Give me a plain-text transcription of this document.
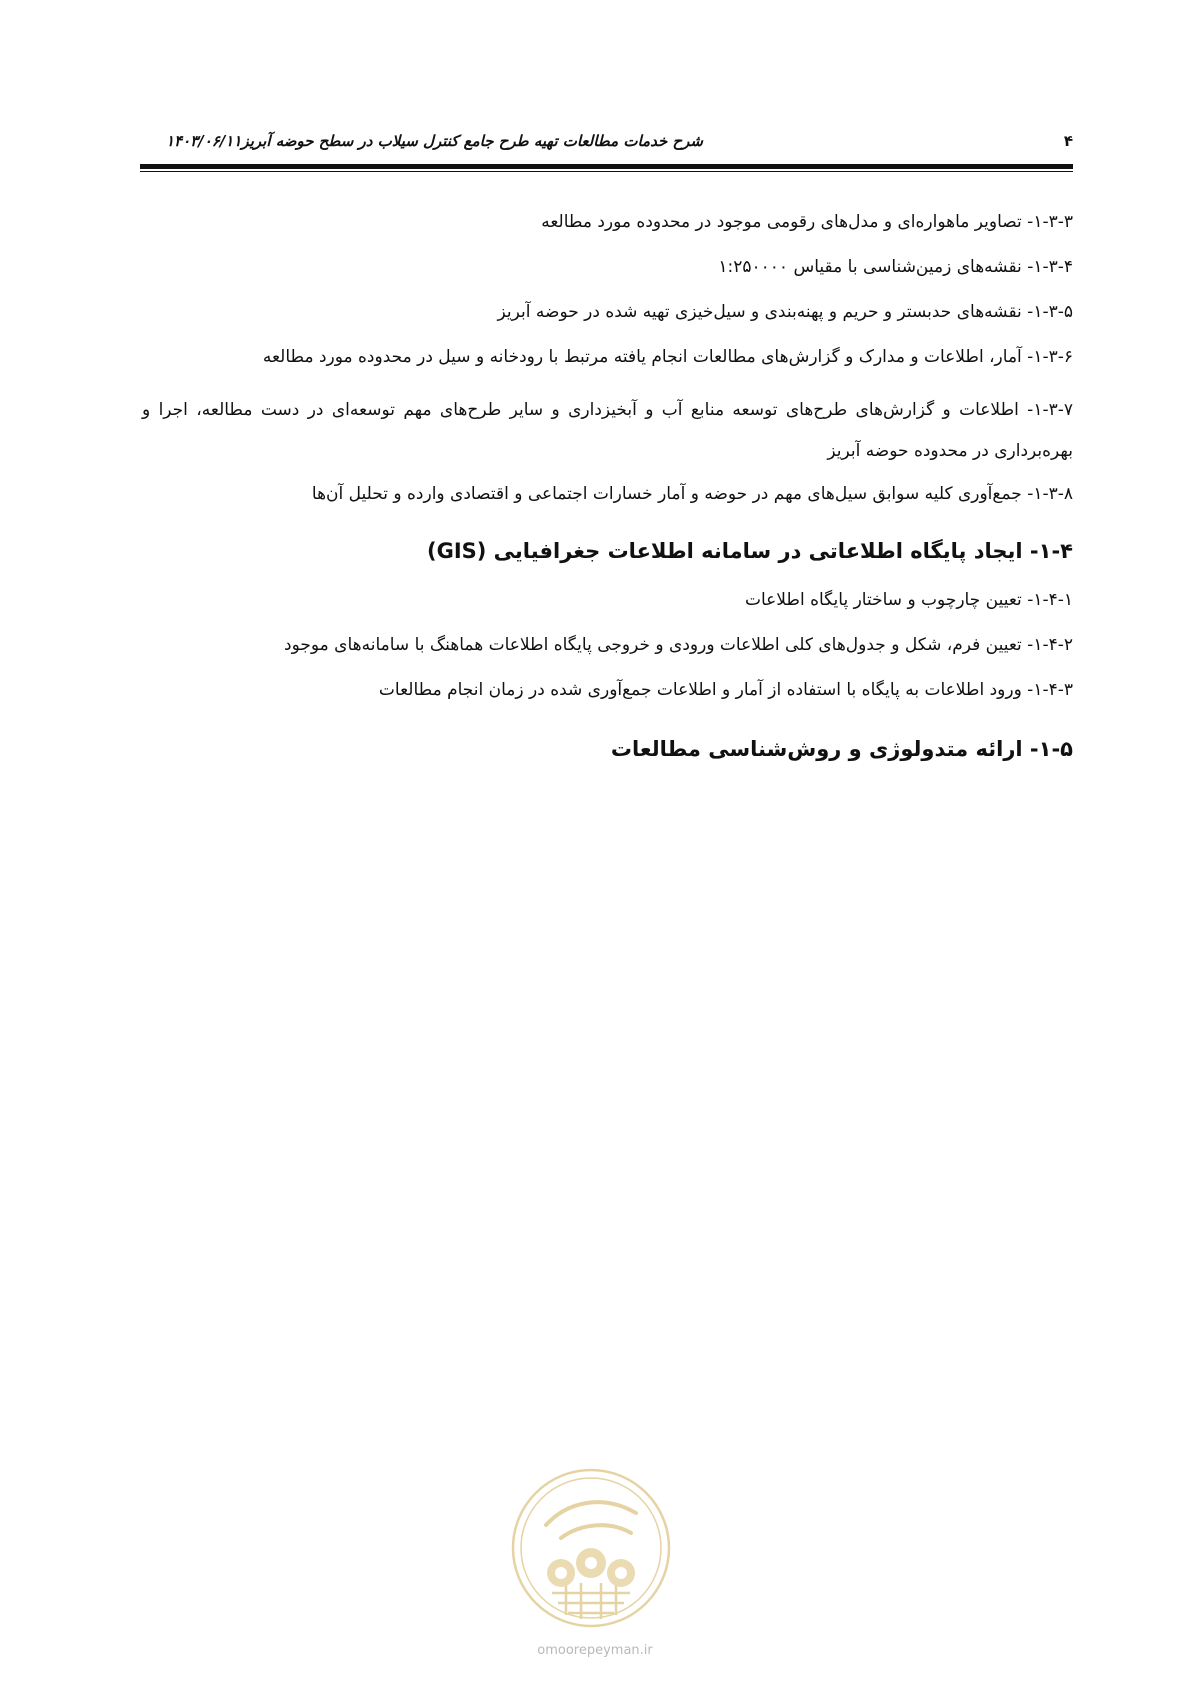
۴
شرح خدمات مطالعات تهیه طرح جامع کنترل سیلاب در سطح حوضه آبریز۱۴۰۳/۰۶/۱۱

۱-۳-۳- تصاویر ماهواره‌ای و مدل‌های رقومی موجود در محدوده مورد مطالعه

۱-۳-۴- نقشه‌های زمین‌شناسی با مقیاس ۱:۲۵۰۰۰۰

۱-۳-۵- نقشه‌های حدبستر و حریم و پهنه‌بندی و سیل‌خیزی تهیه شده در حوضه آبریز

۱-۳-۶- آمار، اطلاعات و مدارک و گزارش‌های مطالعات انجام یافته مرتبط با رودخانه و سیل در محدوده مورد مطالعه

۱-۳-۷- اطلاعات و گزارش‌های طرح‌های توسعه منابع آب و آبخیزداری و سایر طرح‌های مهم توسعه‌ای در دست مطالعه، اجرا و بهره‌برداری در محدوده حوضه آبریز

۱-۳-۸- جمع‌آوری کلیه سوابق سیل‌های مهم در حوضه و آمار خسارات اجتماعی و اقتصادی وارده و تحلیل آن‌ها

۱-۴- ایجاد پایگاه اطلاعاتی در سامانه اطلاعات جغرافیایی (GIS)

۱-۴-۱- تعیین چارچوب و ساختار پایگاه اطلاعات

۱-۴-۲- تعیین فرم، شکل و جدول‌های کلی اطلاعات ورودی و خروجی پایگاه اطلاعات هماهنگ با سامانه‌های موجود

۱-۴-۳- ورود اطلاعات به پایگاه با استفاده از آمار و اطلاعات جمع‌آوری شده در زمان انجام مطالعات

۱-۵- ارائه متدولوژی و روش‌شناسی مطالعات
omoorepeyman.ir
